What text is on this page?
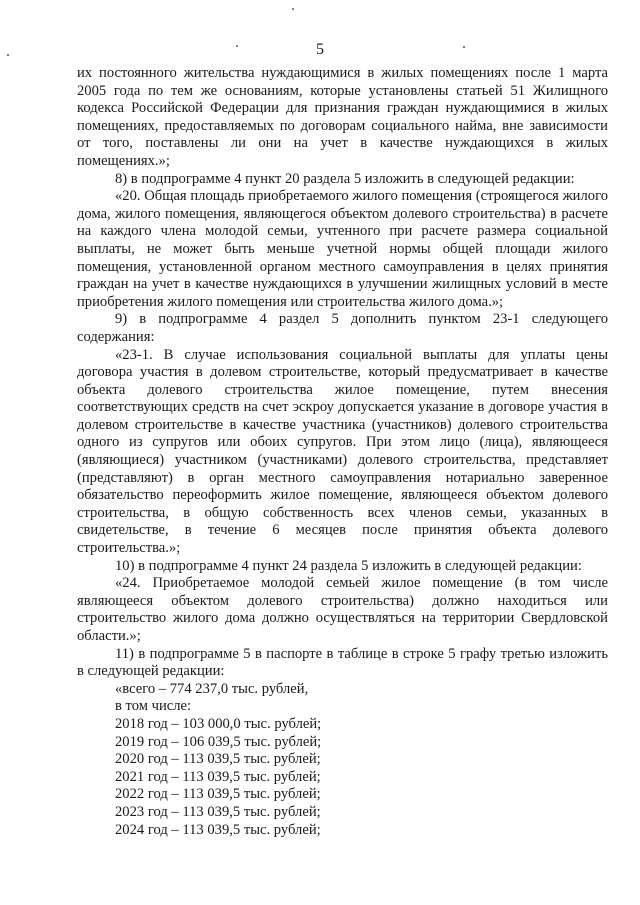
5

их постоянного жительства нуждающимися в жилых помещениях после 1 марта 2005 года по тем же основаниям, которые установлены статьей 51 Жилищного кодекса Российской Федерации для признания граждан нуждающимися в жилых помещениях, предоставляемых по договорам социального найма, вне зависимости от того, поставлены ли они на учет в качестве нуждающихся в жилых помещениях.»;

8) в подпрограмме 4 пункт 20 раздела 5 изложить в следующей редакции:

«20. Общая площадь приобретаемого жилого помещения (строящегося жилого дома, жилого помещения, являющегося объектом долевого строительства) в расчете на каждого члена молодой семьи, учтенного при расчете размера социальной выплаты, не может быть меньше учетной нормы общей площади жилого помещения, установленной органом местного самоуправления в целях принятия граждан на учет в качестве нуждающихся в улучшении жилищных условий в месте приобретения жилого помещения или строительства жилого дома.»;

9) в подпрограмме 4 раздел 5 дополнить пунктом 23-1 следующего содержания:

«23-1. В случае использования социальной выплаты для уплаты цены договора участия в долевом строительстве, который предусматривает в качестве объекта долевого строительства жилое помещение, путем внесения соответствующих средств на счет эскроу допускается указание в договоре участия в долевом строительстве в качестве участника (участников) долевого строительства одного из супругов или обоих супругов. При этом лицо (лица), являющееся (являющиеся) участником (участниками) долевого строительства, представляет (представляют) в орган местного самоуправления нотариально заверенное обязательство переоформить жилое помещение, являющееся объектом долевого строительства, в общую собственность всех членов семьи, указанных в свидетельстве, в течение 6 месяцев после принятия объекта долевого строительства.»;

10) в подпрограмме 4 пункт 24 раздела 5 изложить в следующей редакции:

«24. Приобретаемое молодой семьей жилое помещение (в том числе являющееся объектом долевого строительства) должно находиться или строительство жилого дома должно осуществляться на территории Свердловской области.»;

11) в подпрограмме 5 в паспорте в таблице в строке 5 графу третью изложить в следующей редакции:

«всего – 774 237,0 тыс. рублей,
в том числе:
2018 год – 103 000,0 тыс. рублей;
2019 год – 106 039,5 тыс. рублей;
2020 год – 113 039,5 тыс. рублей;
2021 год – 113 039,5 тыс. рублей;
2022 год – 113 039,5 тыс. рублей;
2023 год – 113 039,5 тыс. рублей;
2024 год – 113 039,5 тыс. рублей;
